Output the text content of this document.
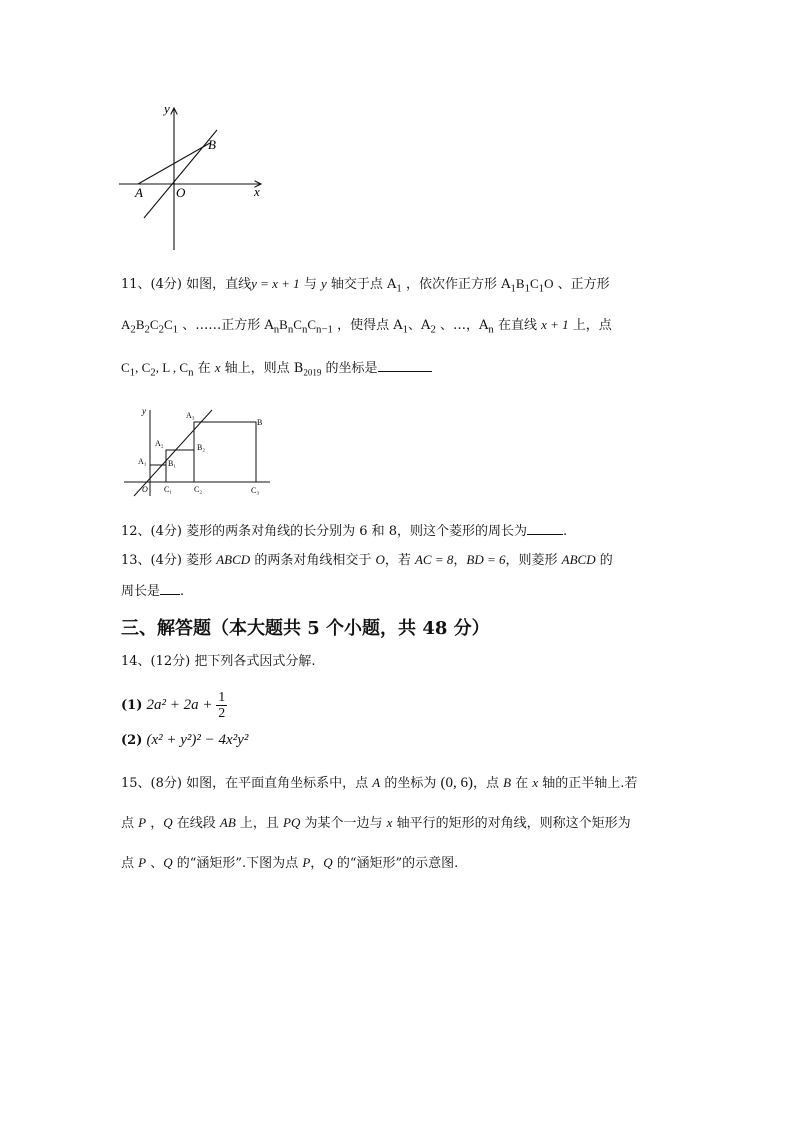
y
x
A	O
B
11、(4分) 如图，直线y = x + 1 与 y 轴交于点 $A_1$ ，依次作正方形 $A_1B_1C_1O$ 、正方形
$A_2B_2C_2C_1$ 、……正方形 $A_nB_nC_nC_{n-1}$ ，使得点 $A_1$、$A_2$ 、…，$A_n$ 在直线 x + 1 上，点
$C_1$, $C_2$, L , $C_n$ 在 x 轴上，则点 $B_{2019}$ 的坐标是
y
A₁
A₂
A₃
B₁
B₂
B
O C₁	C₂	C₃
12、(4分) 菱形的两条对角线的长分别为 6 和 8，则这个菱形的周长为	.
13、(4分) 菱形 ABCD 的两条对角线相交于 O，若 AC = 8，BD = 6，则菱形 ABCD 的
周长是 .
三、解答题（本大题共 5 个小题，共 48 分）
14、(12分) 把下列各式因式分解.
(1) $2a^2 + 2a + \frac{1}{2}$
(2) (x² + y²)² − 4x²y²
15、(8分) 如图，在平面直角坐标系中，点 A 的坐标为 (0, 6)，点 B 在 x 轴的正半轴上.若
点 P ，Q 在线段 AB 上，且 PQ 为某个一边与 x 轴平行的矩形的对角线，则称这个矩形为
点 P 、Q 的“涵矩形”.下图为点 P，Q 的“涵矩形”的示意图.
